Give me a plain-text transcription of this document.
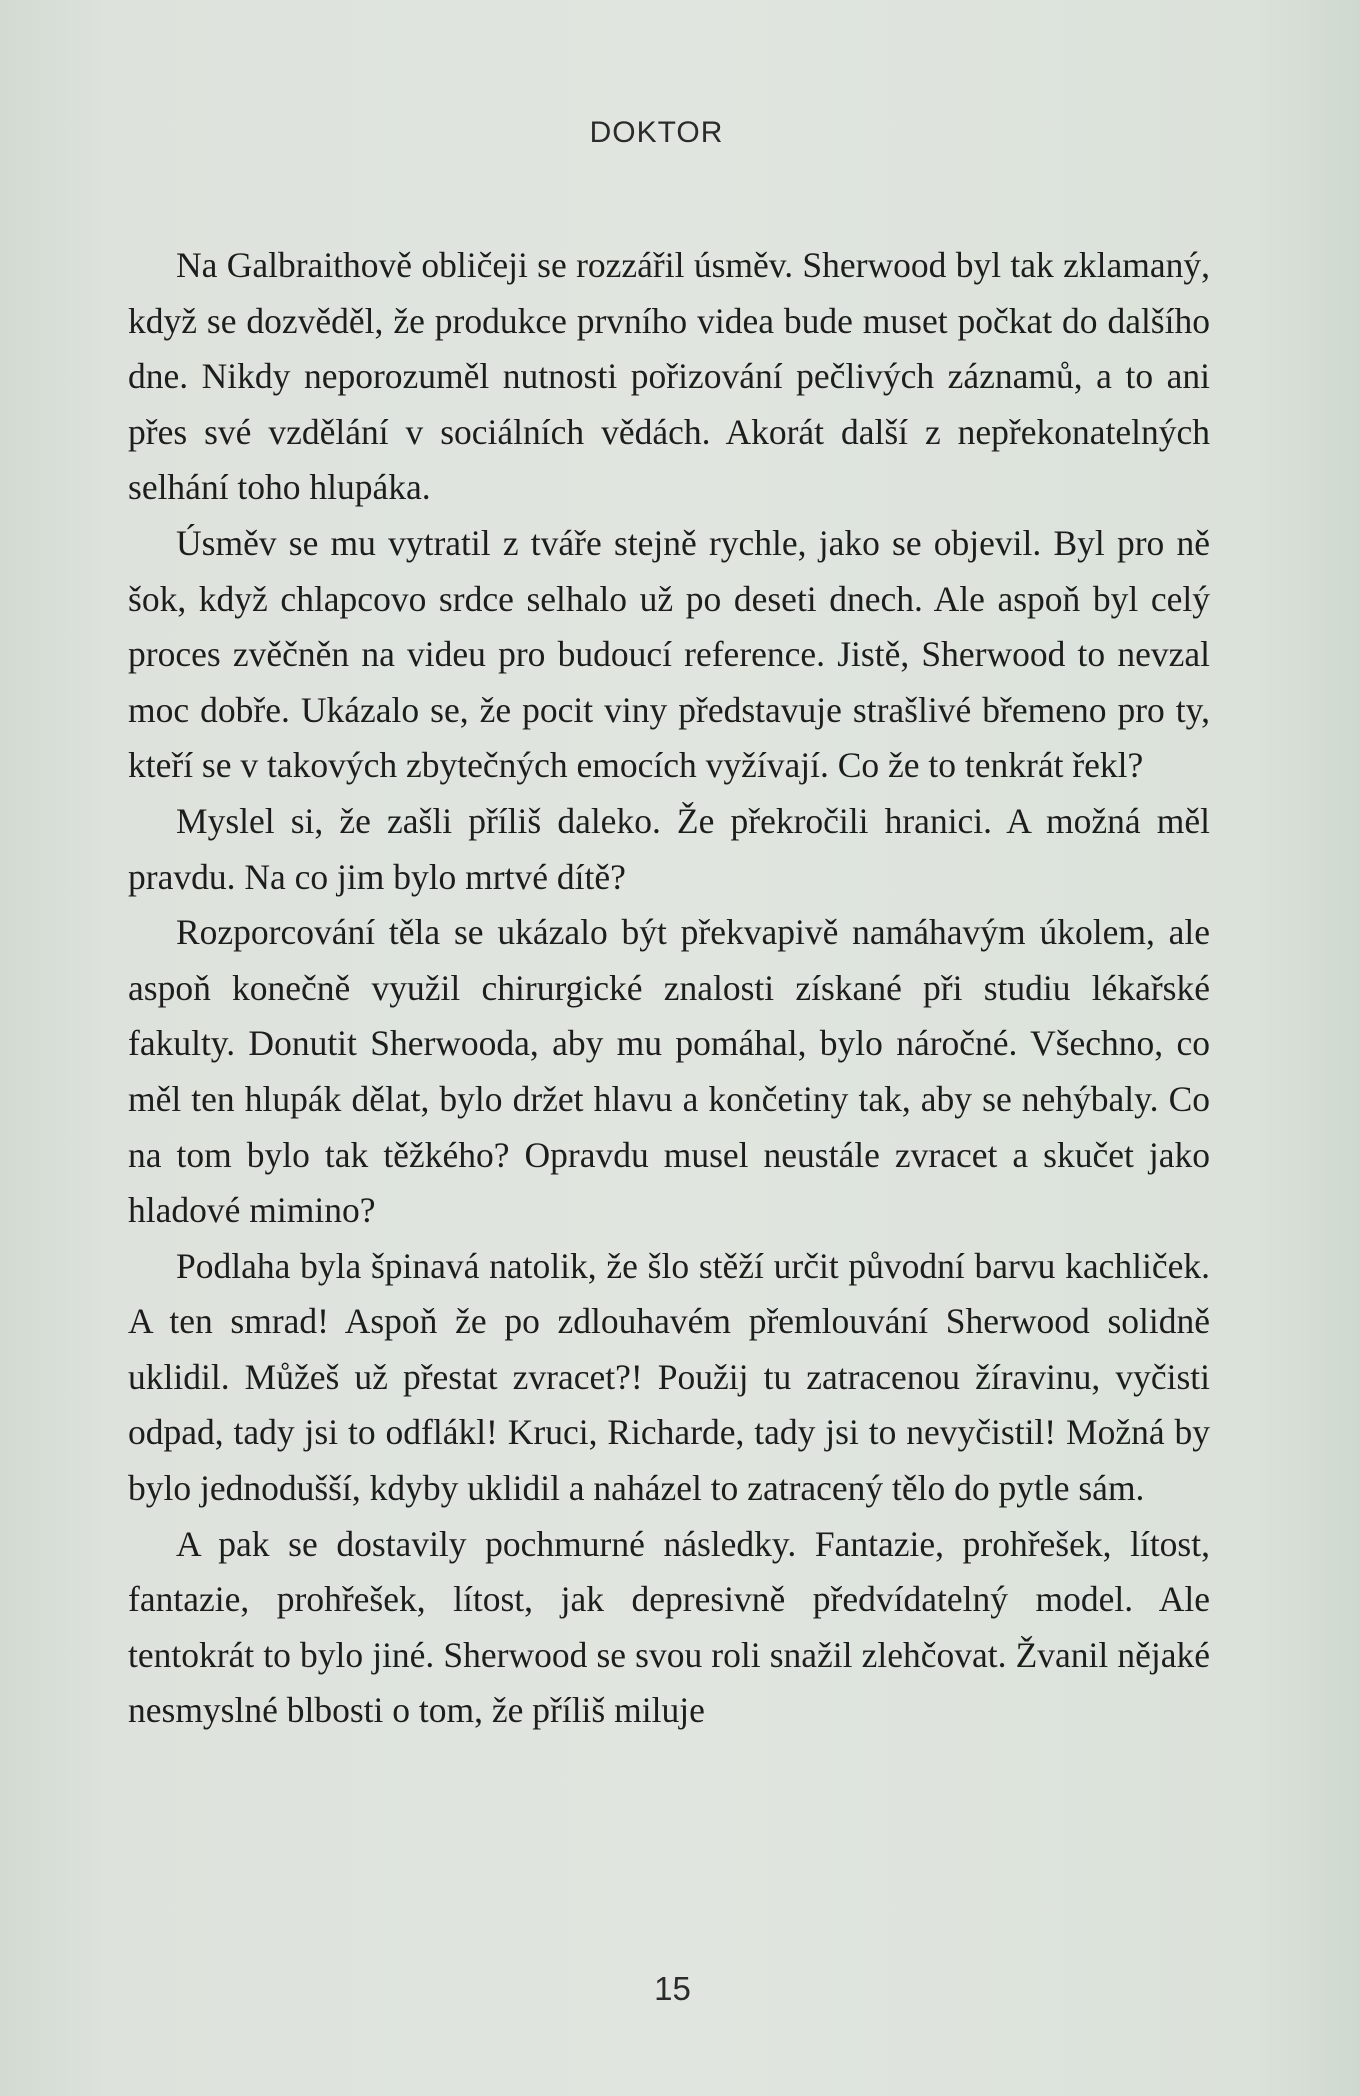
DOKTOR

Na Galbraithově obličeji se rozzářil úsměv. Sherwood byl tak zklamaný, když se dozvěděl, že produkce prvního videa bude muset počkat do dalšího dne. Nikdy neporozuměl nutnosti pořizování pečlivých záznamů, a to ani přes své vzdělání v sociálních vědách. Akorát další z nepřekonatelných selhání toho hlupáka.

Úsměv se mu vytratil z tváře stejně rychle, jako se objevil. Byl pro ně šok, když chlapcovo srdce selhalo už po deseti dnech. Ale aspoň byl celý proces zvěčněn na videu pro budoucí reference. Jistě, Sherwood to nevzal moc dobře. Ukázalo se, že pocit viny představuje strašlivé břemeno pro ty, kteří se v takových zbytečných emocích vyžívají. Co že to tenkrát řekl?

Myslel si, že zašli příliš daleko. Že překročili hranici. A možná měl pravdu. Na co jim bylo mrtvé dítě?

Rozporcování těla se ukázalo být překvapivě namáhavým úkolem, ale aspoň konečně využil chirurgické znalosti získané při studiu lékařské fakulty. Donutit Sherwooda, aby mu pomáhal, bylo náročné. Všechno, co měl ten hlupák dělat, bylo držet hlavu a končetiny tak, aby se nehýbaly. Co na tom bylo tak těžkého? Opravdu musel neustále zvracet a skučet jako hladové mimino?

Podlaha byla špinavá natolik, že šlo stěží určit původní barvu kachliček. A ten smrad! Aspoň že po zdlouhavém přemlouvání Sherwood solidně uklidil. Můžeš už přestat zvracet?! Použij tu zatracenou žíravinu, vyčisti odpad, tady jsi to odflákl! Kruci, Richarde, tady jsi to nevyčistil! Možná by bylo jednodušší, kdyby uklidil a naházel to zatracený tělo do pytle sám.

A pak se dostavily pochmurné následky. Fantazie, prohřešek, lítost, fantazie, prohřešek, lítost, jak depresivně předvídatelný model. Ale tentokrát to bylo jiné. Sherwood se svou roli snažil zlehčovat. Žvanil nějaké nesmyslné blbosti o tom, že příliš miluje

15
